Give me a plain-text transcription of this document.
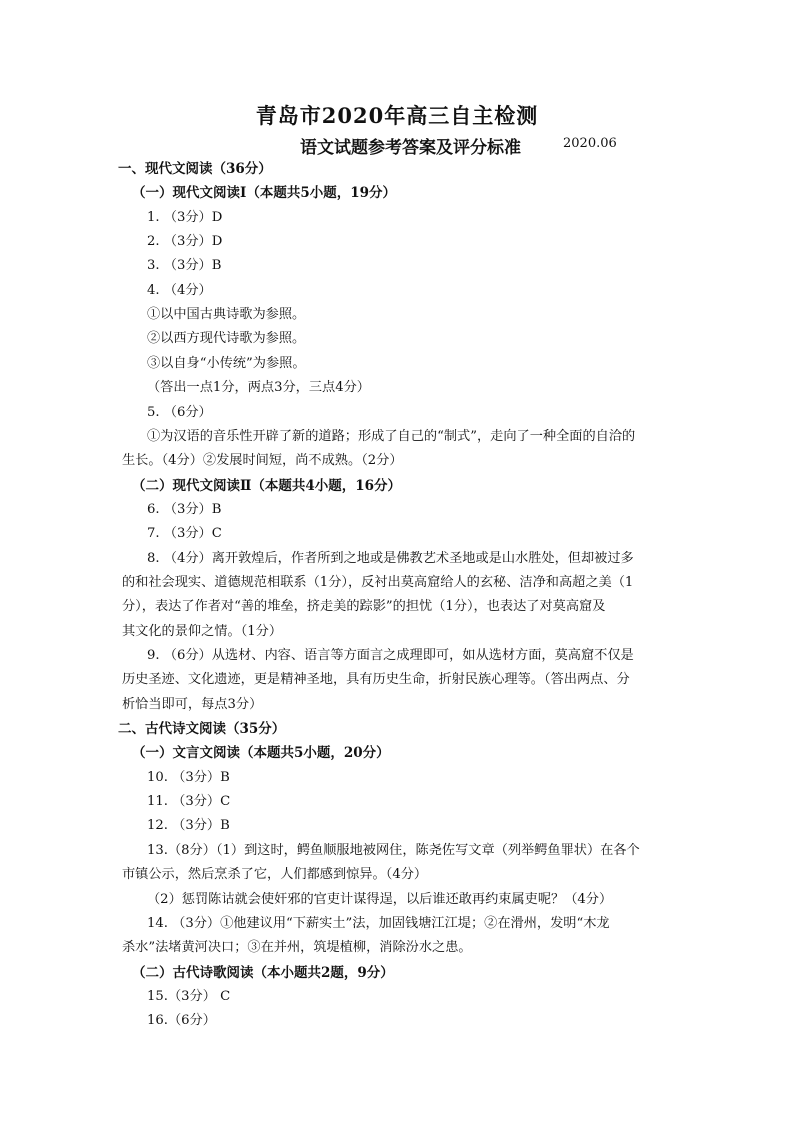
青岛市2020年高三自主检测
语文试题参考答案及评分标准	2020.06
一、现代文阅读（36分）
（一）现代文阅读Ⅰ（本题共5小题，19分）
1. （3分）D
2. （3分）D
3. （3分）B
4. （4分）
①以中国古典诗歌为参照。
②以西方现代诗歌为参照。
③以自身“小传统”为参照。
（答出一点1分，两点3分，三点4分）
5. （6分）
①为汉语的音乐性开辟了新的道路；形成了自己的“制式”，走向了一种全面的自洽的
生长。（4分）②发展时间短，尚不成熟。（2分）
（二）现代文阅读Ⅱ（本题共4小题，16分）
6. （3分）B
7. （3分）C
8. （4分）离开敦煌后，作者所到之地或是佛教艺术圣地或是山水胜处，但却被过多
的和社会现实、道德规范相联系（1分），反衬出莫高窟给人的玄秘、洁净和高超之美（1
分），表达了作者对“善的堆垒，挤走美的踪影”的担忧（1分），也表达了对莫高窟及
其文化的景仰之情。（1分）
9. （6分）从选材、内容、语言等方面言之成理即可，如从选材方面，莫高窟不仅是
历史圣迹、文化遗迹，更是精神圣地，具有历史生命，折射民族心理等。（答出两点、分
析恰当即可，每点3分）
二、古代诗文阅读（35分）
（一）文言文阅读（本题共5小题，20分）
10. （3分）B
11. （3分）C
12. （3分）B
13.（8分）（1）到这时，鳄鱼顺服地被网住，陈尧佐写文章（列举鳄鱼罪状）在各个
市镇公示，然后烹杀了它，人们都感到惊异。（4分）
（2）惩罚陈诂就会使奸邪的官吏计谋得逞，以后谁还敢再约束属吏呢？（4分）
14. （3分）①他建议用“下薪实土”法，加固钱塘江江堤；②在滑州，发明“木龙
杀水”法堵黄河决口；③在并州，筑堤植柳，消除汾水之患。
（二）古代诗歌阅读（本小题共2题，9分）
15.（3分） C
16.（6分）
